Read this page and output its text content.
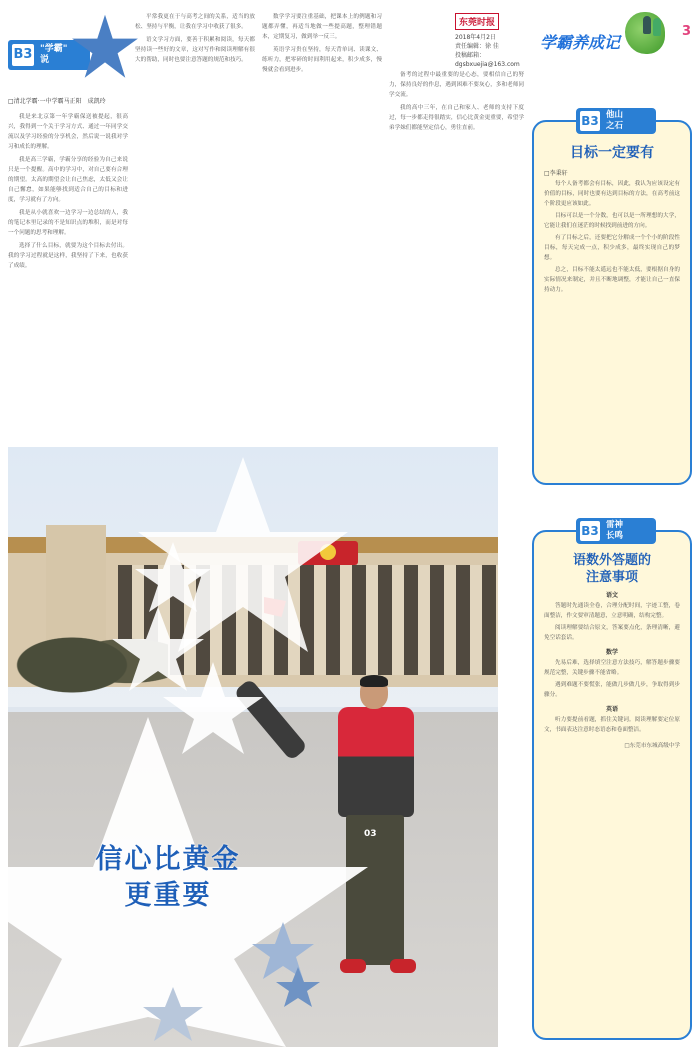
东莞时报
2018年4月2日
责任编辑：徐 佳
投稿邮箱：dgsbxuejia@163.com
学霸养成记
3
B3 "学霸"
说
□清北学霸·一中学霸马正阳　成凯玲
我是来北京第一年学霸保送被提起，很高兴，我得到一个关于学习方式、通过一年同学交流以及学习经验的分享机会，然后说一说我对学习和成长的理解。
我是高三学霸，学霸分享的经验为自己来说只是一个提醒。高中的学习中，对自己要有合理的期望。太高的期望会让自己焦虑，太低又会让自己懈怠，如果能够找到适合自己的目标和进度，学习就有了方向。
我是从小就喜欢一边学习一边总结的人，我的笔记本里记录的不是知识点的堆积，而是对每一个问题的思考和理解。
选择了什么目标，就要为这个目标去付出。我的学习过程就是这样，我坚持了下来，也收获了成绩。
平常我更在于与高考之间的关系，适当的放松、坚持与平衡，让我在学习中收获了很多。
语文学习方面，要善于积累和阅读，每天都坚持读一些好的文章，这对写作和阅读理解有很大的帮助，同时也要注意答题的规范和技巧。
数学学习要注重基础，把课本上的例题和习题都弄懂，再适当地做一些提高题，整理错题本，定期复习，做到举一反三。
英语学习贵在坚持，每天背单词、读课文、练听力，把零碎的时间利用起来，积少成多，慢慢就会看到进步。
备考的过程中最重要的是心态，要相信自己的努力，保持良好的作息，遇到困难不要灰心，多和老师同学交流。
我的高中三年，在自己和家人、老师的支持下度过，每一步都走得很踏实，信心比黄金更重要，希望学弟学妹们都能坚定信心，勇往直前。	B3 他山
之石
目标一定要有
□李秉轩
每个人备考都会有目标，因此，我认为应该设定有价值的目标，同时也要有达到目标的方法，在高考前这个阶段更应该如此。
目标可以是一个分数，也可以是一所理想的大学，它能让我们在迷茫的时候找到前进的方向。
有了目标之后，还要把它分解成一个个小的阶段性目标，每天完成一点，积少成多，最终实现自己的梦想。
总之，目标不能太遥远也不能太低，要根据自身的实际情况来制定，并且不断地调整，才能让自己一直保持动力。
B3 雷神
长鸣
语数外答题的
注意事项
语文
答题时先通读全卷，合理分配时间，字迹工整，卷面整洁，作文要审清题意，立意明确，结构完整。
阅读理解要结合原文，答案要点化，条理清晰，避免空话套话。
数学
先易后难，选择填空注意方法技巧，解答题步骤要规范完整，关键步骤不能省略。
遇到难题不要慌张，能做几步做几步，争取得到步骤分。
英语
听力要提前看题，抓住关键词。阅读理解要定位原文，书面表达注意时态语态和卷面整洁。
□东莞市东城高级中学
03
信心比黄金
更重要
